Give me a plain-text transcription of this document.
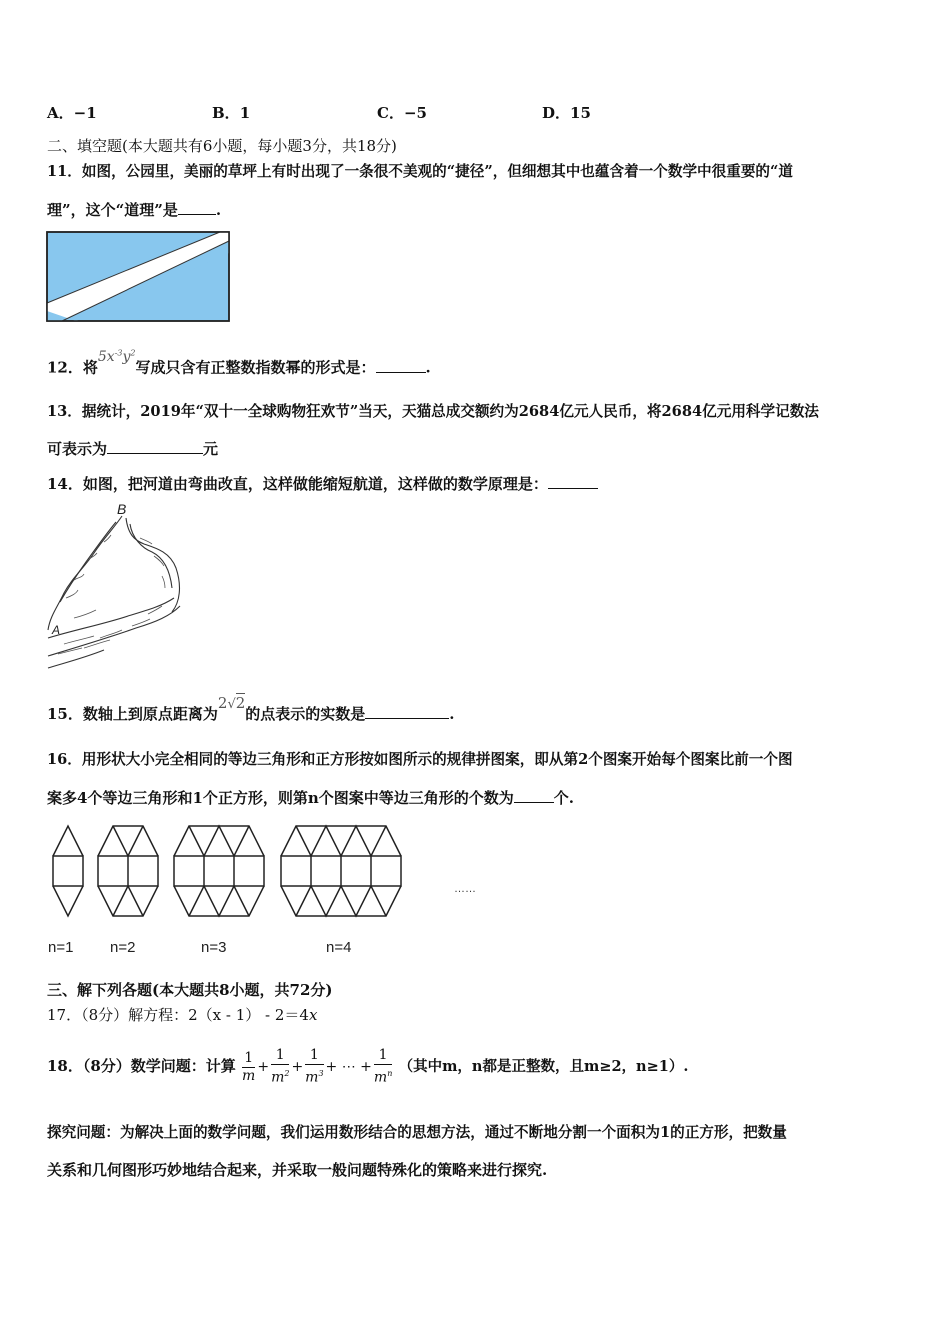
A．−1	B．1	C．−5	D．15
二、填空题(本大题共有6小题，每小题3分，共18分)
11．如图，公园里，美丽的草坪上有时出现了一条很不美观的“捷径”，但细想其中也蕴含着一个数学中很重要的“道
理”，这个“道理”是	.
12．将$5x^{-3}y^2$写成只含有正整数指数幂的形式是：	.
13．据统计，2019年“双十一全球购物狂欢节”当天，天猫总成交额约为2684亿元人民币，将2684亿元用科学记数法
可表示为	元
14．如图，把河道由弯曲改直，这样做能缩短航道，这样做的数学原理是：
B
A
15．数轴上到原点距离为2√2的点表示的实数是	.
16．用形状大小完全相同的等边三角形和正方形按如图所示的规律拼图案，即从第2个图案开始每个图案比前一个图
案多4个等边三角形和1个正方形，则第n个图案中等边三角形的个数为	个.
……
n=1 n=2	n=3	n=4
三、解下列各题(本大题共8小题，共72分)
17．（8分）解方程：2（x - 1） - 2＝4x
18．（8分）数学问题：计算 $\frac{1}{m} + \frac{1}{m^2} + \frac{1}{m^3}$ + ⋯ + $\frac{1}{m^n}$ （其中m，n都是正整数，且m≥2，n≥1）.
探究问题：为解决上面的数学问题，我们运用数形结合的思想方法，通过不断地分割一个面积为1的正方形，把数量
关系和几何图形巧妙地结合起来，并采取一般问题特殊化的策略来进行探究.
